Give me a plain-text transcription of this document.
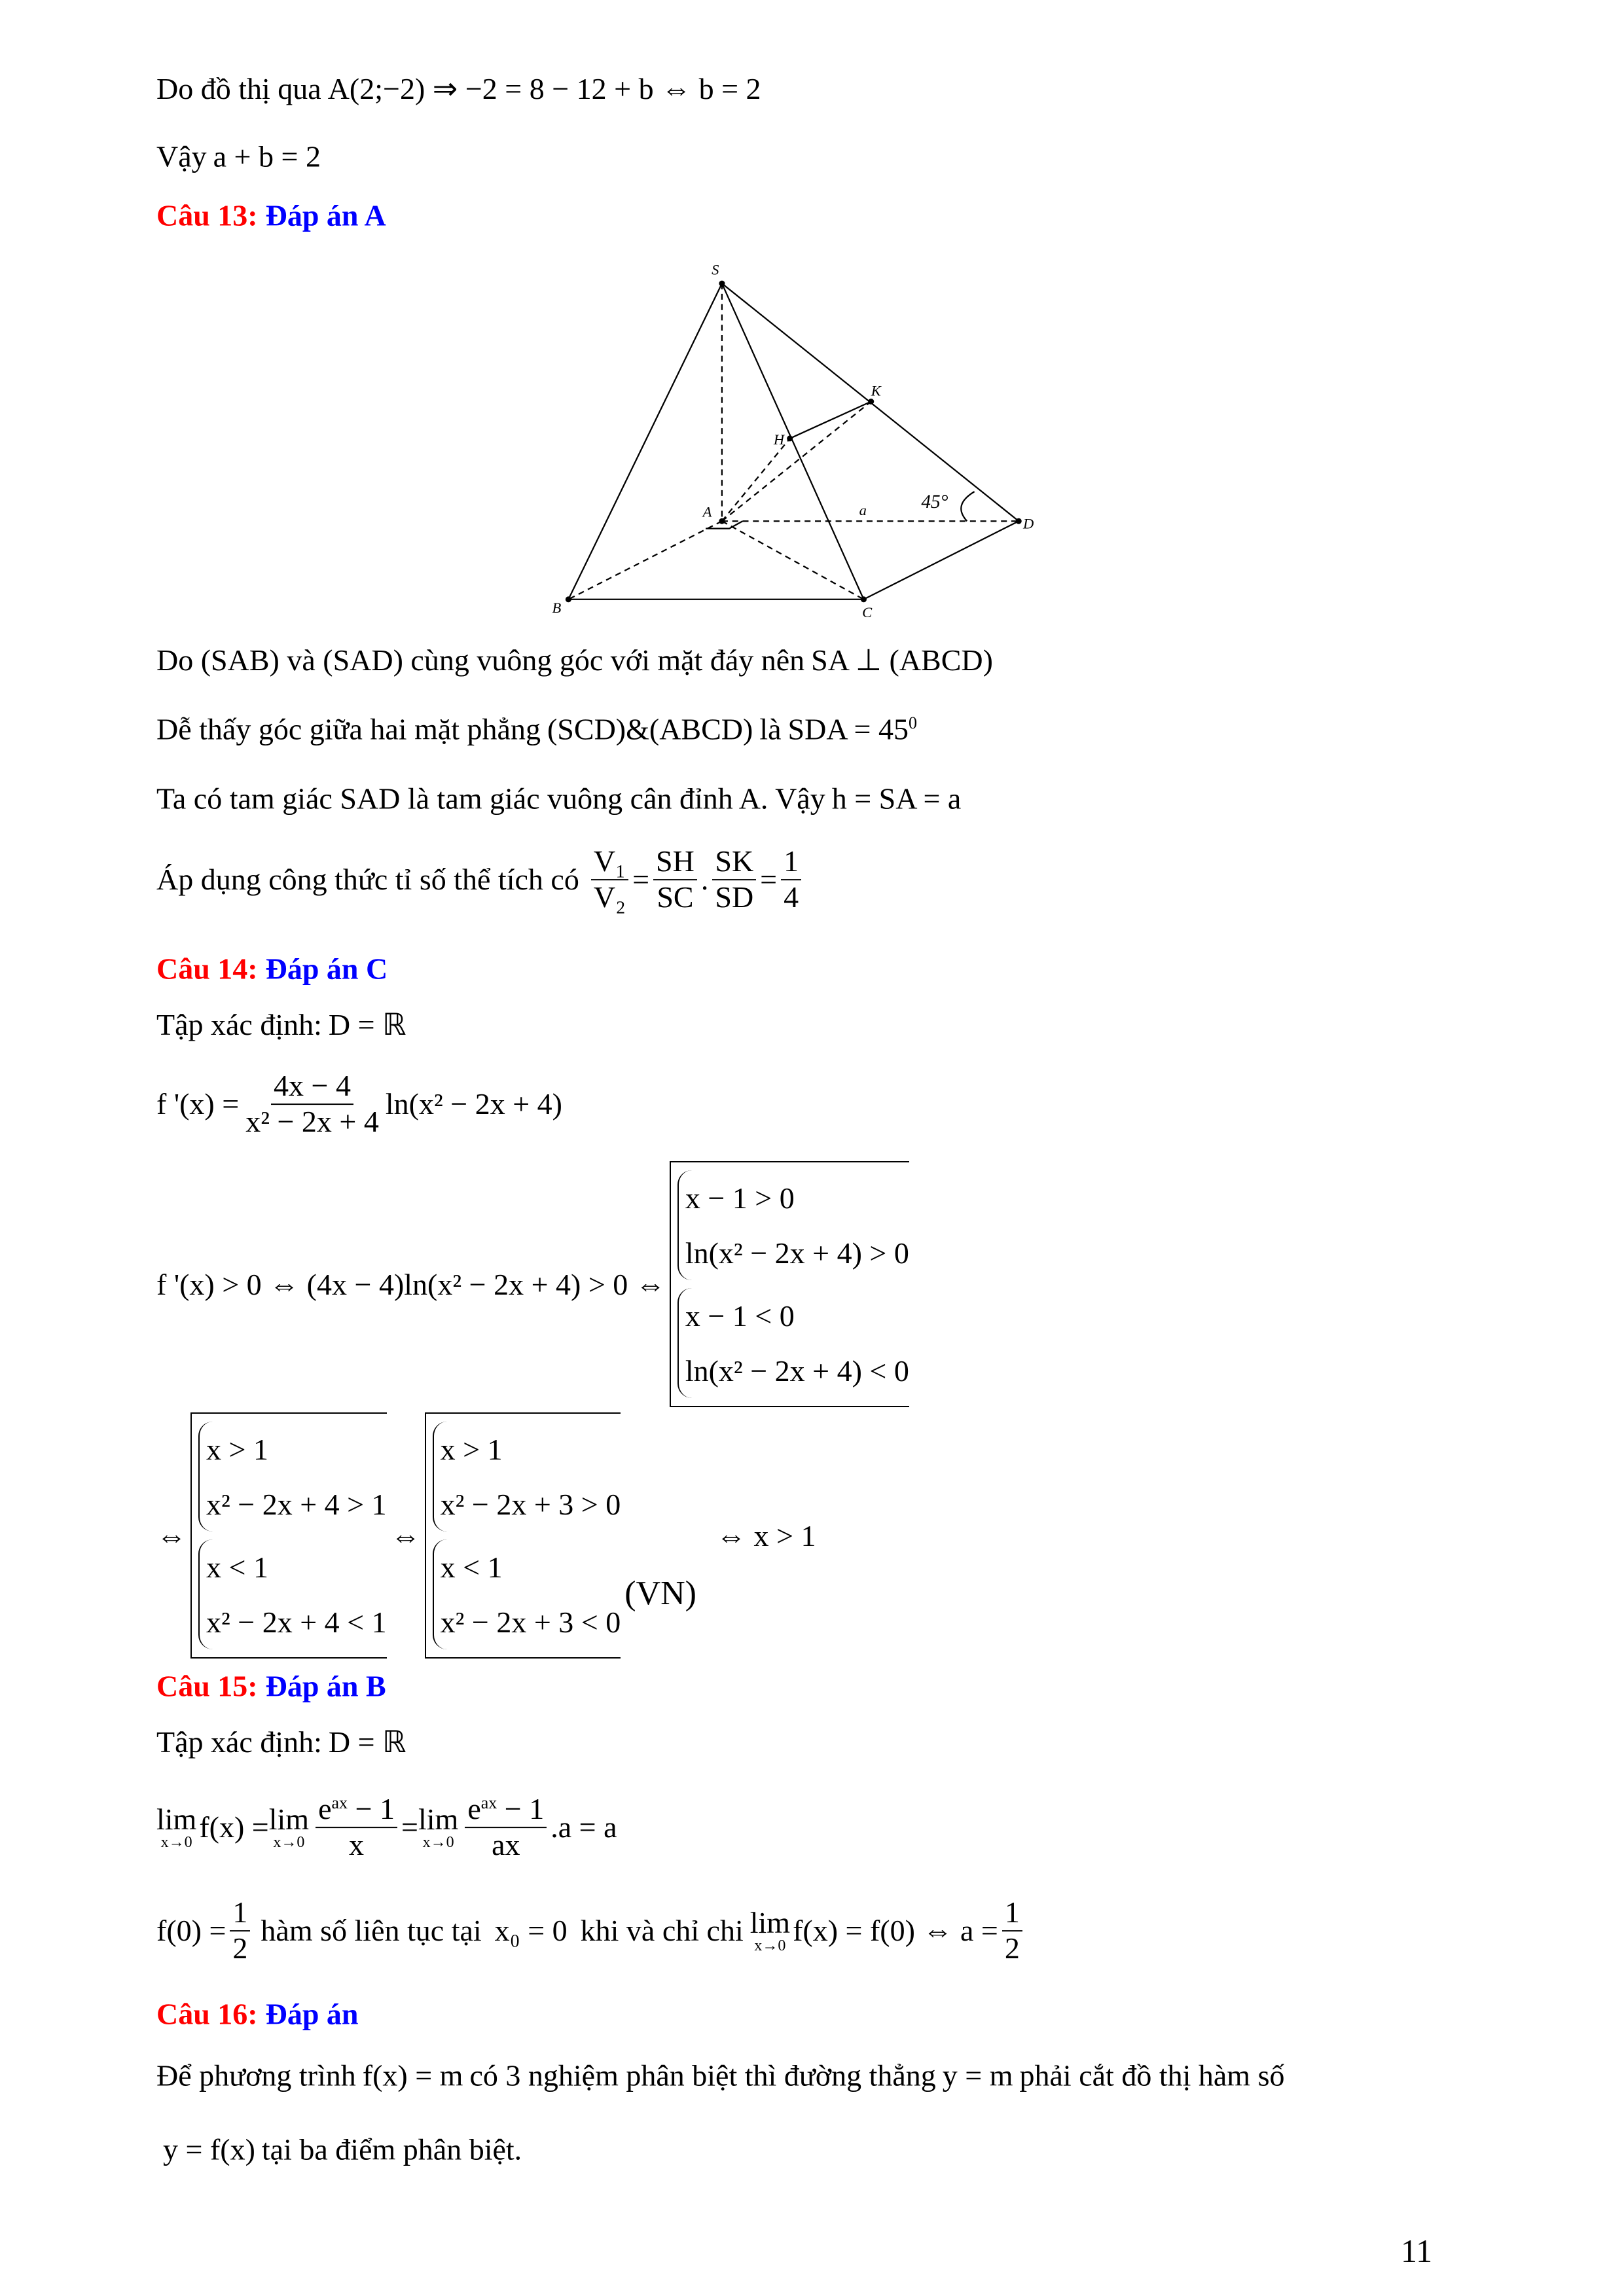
Do đồ thị qua A(2;−2) ⇒ −2 = 8 − 12 + b ⇔ b = 2
Vậy a + b = 2
Câu 13: Đáp án A
S
A
B	C
D
H
K
a	45°
Do (SAB) và (SAD) cùng vuông góc với mặt đáy nên SA ⊥ (ABCD)
Dễ thấy góc giữa hai mặt phẳng (SCD)&(ABCD) là SDA = $45^0$
Ta có tam giác SAD là tam giác vuông cân đỉnh A. Vậy h = SA = a
Áp dụng công thức tỉ số thể tích có $\frac{\text{V₁}}{\text{V₂}} = \frac{SH}{SC}$ . $\frac{SK}{SD} = \frac{1}{4}$
Câu 14: Đáp án C
Tập xác định: D = ℝ
f '$(x) = \frac{4x - 4}{\text{x² − 2x + 4}} \ln(x^2 - 2x + 4)$
f '(x) > 0 ⇔ (4x − 4)ln(x² − 2x + 4) > 0 ⇔
x − 1 > 0
ln(x² − 2x + 4) > 0
x − 1 < 0
ln(x² − 2x + 4) < 0
⇔
x > 1
x² − 2x + 4 > 1
x < 1
x² − 2x + 4 < 1
⇔
x > 1
x² − 2x + 3 > 0
x < 1
x² − 2x + 3 < 0
(VN)
⇔ x > 1
Câu 15: Đáp án B
Tập xác định: D = ℝ
lim
x→0 f(x) = lim
$x\to 0 \frac{e^{ax} - 1}{x} = \lim$
$x\to 0 \frac{e^{ax} - 1}{ax} .a = a$
$f(0) = \frac{1}{2}$ hàm số liên tục tại x₀ = 0 khi và chỉ chi lim
x→0 f(x) = f(0) ⇔ $a = \frac{1}{2}$
Câu 16: Đáp án
Để phương trình f(x) = m có 3 nghiệm phân biệt thì đường thẳng y = m phải cắt đồ thị hàm số
y = f(x) tại ba điểm phân biệt.
11
